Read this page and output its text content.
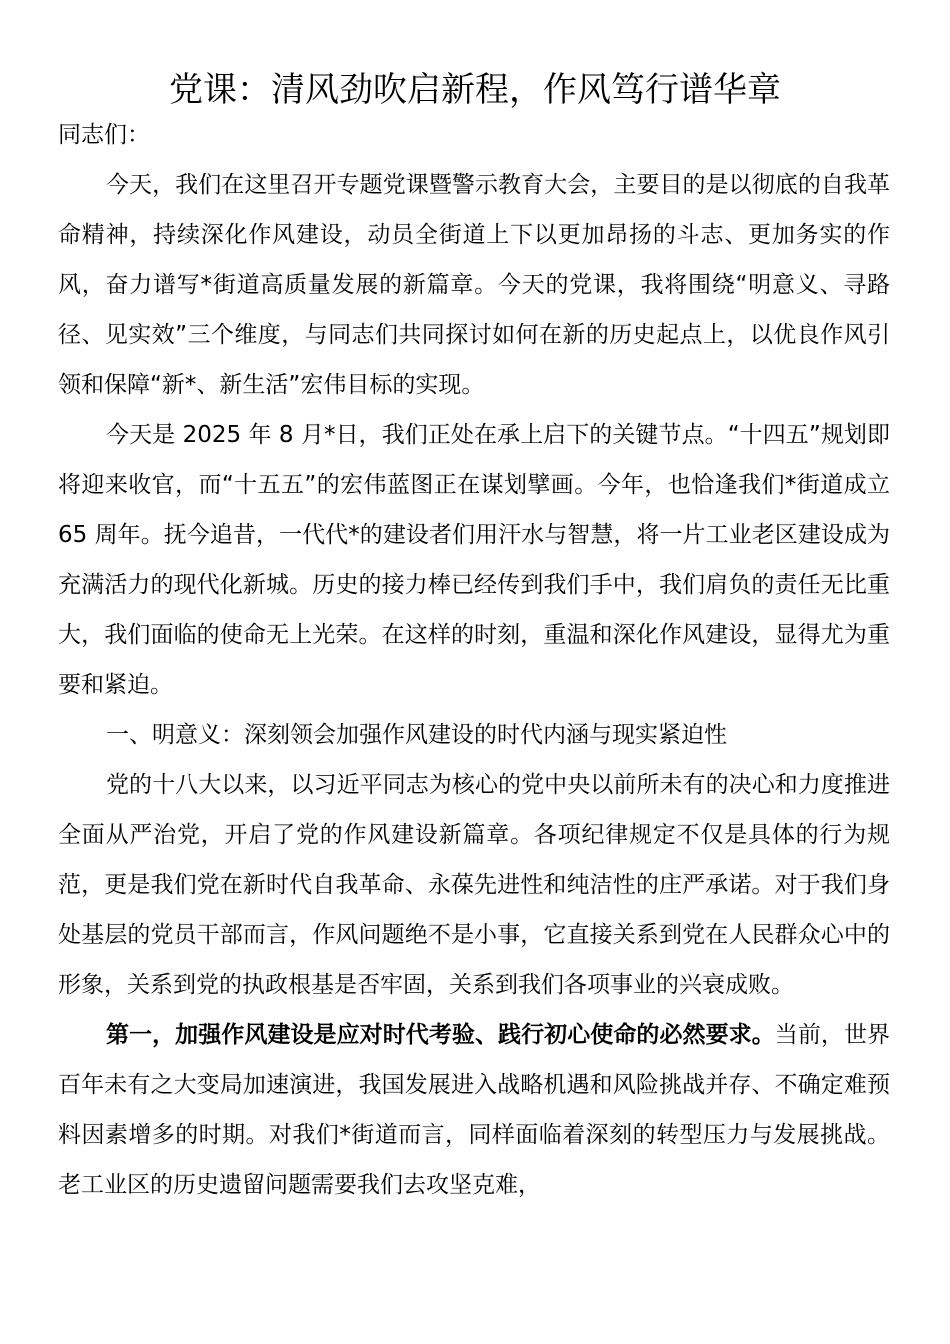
党课：清风劲吹启新程，作风笃行谱华章

同志们：

今天，我们在这里召开专题党课暨警示教育大会，主要目的是以彻底的自我革命精神，持续深化作风建设，动员全街道上下以更加昂扬的斗志、更加务实的作风，奋力谱写*街道高质量发展的新篇章。今天的党课，我将围绕“明意义、寻路径、见实效”三个维度，与同志们共同探讨如何在新的历史起点上，以优良作风引领和保障“新*、新生活”宏伟目标的实现。

今天是 2025 年 8 月*日，我们正处在承上启下的关键节点。“十四五”规划即将迎来收官，而“十五五”的宏伟蓝图正在谋划擘画。今年，也恰逢我们*街道成立 65 周年。抚今追昔，一代代*的建设者们用汗水与智慧，将一片工业老区建设成为充满活力的现代化新城。历史的接力棒已经传到我们手中，我们肩负的责任无比重大，我们面临的使命无上光荣。在这样的时刻，重温和深化作风建设，显得尤为重要和紧迫。

一、明意义：深刻领会加强作风建设的时代内涵与现实紧迫性

党的十八大以来，以习近平同志为核心的党中央以前所未有的决心和力度推进全面从严治党，开启了党的作风建设新篇章。各项纪律规定不仅是具体的行为规范，更是我们党在新时代自我革命、永葆先进性和纯洁性的庄严承诺。对于我们身处基层的党员干部而言，作风问题绝不是小事，它直接关系到党在人民群众心中的形象，关系到党的执政根基是否牢固，关系到我们各项事业的兴衰成败。

第一，加强作风建设是应对时代考验、践行初心使命的必然要求。当前，世界百年未有之大变局加速演进，我国发展进入战略机遇和风险挑战并存、不确定难预料因素增多的时期。对我们*街道而言，同样面临着深刻的转型压力与发展挑战。老工业区的历史遗留问题需要我们去攻坚克难，
